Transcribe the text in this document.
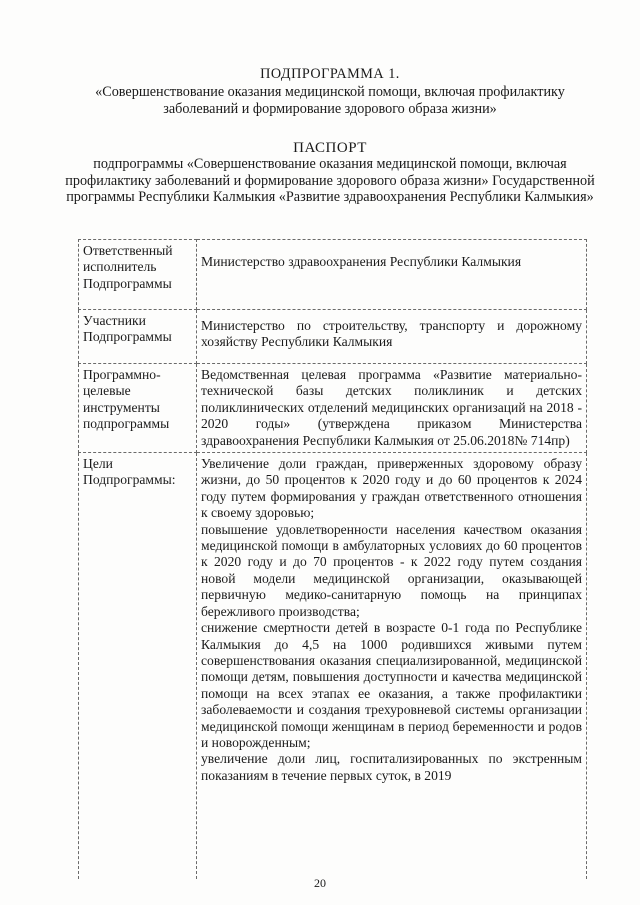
ПОДПРОГРАММА 1.

«Совершенствование оказания медицинской помощи, включая профилактику заболеваний и формирование здорового образа жизни»

ПАСПОРТ

подпрограммы «Совершенствование оказания медицинской помощи, включая профилактику заболеваний и формирование здорового образа жизни» Государственной программы Республики Калмыкия «Развитие здравоохранения Республики Калмыкия»

Ответственный исполнитель Подпрограммы	Министерство здравоохранения Республики Калмыкия
Участники Подпрограммы	Министерство по строительству, транспорту и дорожному хозяйству Республики Калмыкия
Программно-целевые инструменты подпрограммы	Ведомственная целевая программа «Развитие материально-технической базы детских поликлиник и детских поликлинических отделений медицинских организаций на 2018 - 2020 годы» (утверждена приказом Министерства здравоохранения Республики Калмыкия от 25.06.2018№ 714пр)
Цели Подпрограммы:	Увеличение доли граждан, приверженных здоровому образу жизни, до 50 процентов к 2020 году и до 60 процентов к 2024 году путем формирования у граждан ответственного отношения к своему здоровью;

повышение удовлетворенности населения качеством оказания медицинской помощи в амбулаторных условиях до 60 процентов к 2020 году и до 70 процентов - к 2022 году путем создания новой модели медицинской организации, оказывающей первичную медико-санитарную помощь на принципах бережливого производства;

снижение смертности детей в возрасте 0-1 года по Республике Калмыкия до 4,5 на 1000 родившихся живыми путем совершенствования оказания специализированной, медицинской помощи детям, повышения доступности и качества медицинской помощи на всех этапах ее оказания, а также профилактики заболеваемости и создания трехуровневой системы организации медицинской помощи женщинам в период беременности и родов и новорожденным;

увеличение доли лиц, госпитализированных по экстренным показаниям в течение первых суток, в 2019

20
